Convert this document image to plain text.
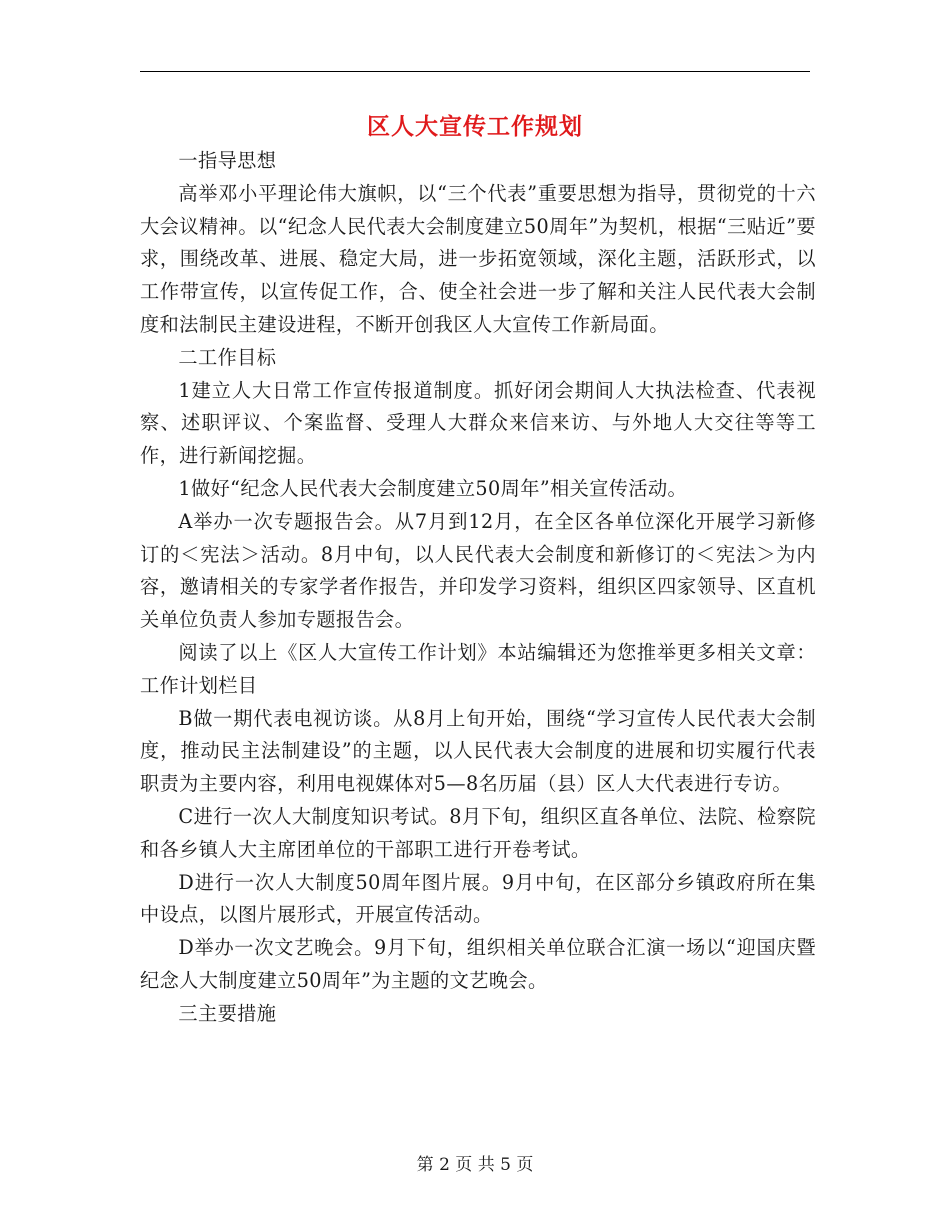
区人大宣传工作规划

一指导思想

高举邓小平理论伟大旗帜，以“三个代表”重要思想为指导，贯彻党的十六大会议精神。以“纪念人民代表大会制度建立50周年”为契机，根据“三贴近”要求，围绕改革、进展、稳定大局，进一步拓宽领域，深化主题，活跃形式，以工作带宣传，以宣传促工作，合、使全社会进一步了解和关注人民代表大会制度和法制民主建设进程，不断开创我区人大宣传工作新局面。

二工作目标

1建立人大日常工作宣传报道制度。抓好闭会期间人大执法检查、代表视察、述职评议、个案监督、受理人大群众来信来访、与外地人大交往等等工作，进行新闻挖掘。

1做好“纪念人民代表大会制度建立50周年”相关宣传活动。

A举办一次专题报告会。从7月到12月，在全区各单位深化开展学习新修订的＜宪法＞活动。8月中旬，以人民代表大会制度和新修订的＜宪法＞为内容，邀请相关的专家学者作报告，并印发学习资料，组织区四家领导、区直机关单位负责人参加专题报告会。

阅读了以上《区人大宣传工作计划》本站编辑还为您推举更多相关文章：工作计划栏目

B做一期代表电视访谈。从8月上旬开始，围绕“学习宣传人民代表大会制度，推动民主法制建设”的主题，以人民代表大会制度的进展和切实履行代表职责为主要内容，利用电视媒体对5—8名历届（县）区人大代表进行专访。

C进行一次人大制度知识考试。8月下旬，组织区直各单位、法院、检察院和各乡镇人大主席团单位的干部职工进行开卷考试。

D进行一次人大制度50周年图片展。9月中旬，在区部分乡镇政府所在集中设点，以图片展形式，开展宣传活动。

D举办一次文艺晚会。9月下旬，组织相关单位联合汇演一场以“迎国庆暨纪念人大制度建立50周年”为主题的文艺晚会。

三主要措施

第 2 页 共 5 页
